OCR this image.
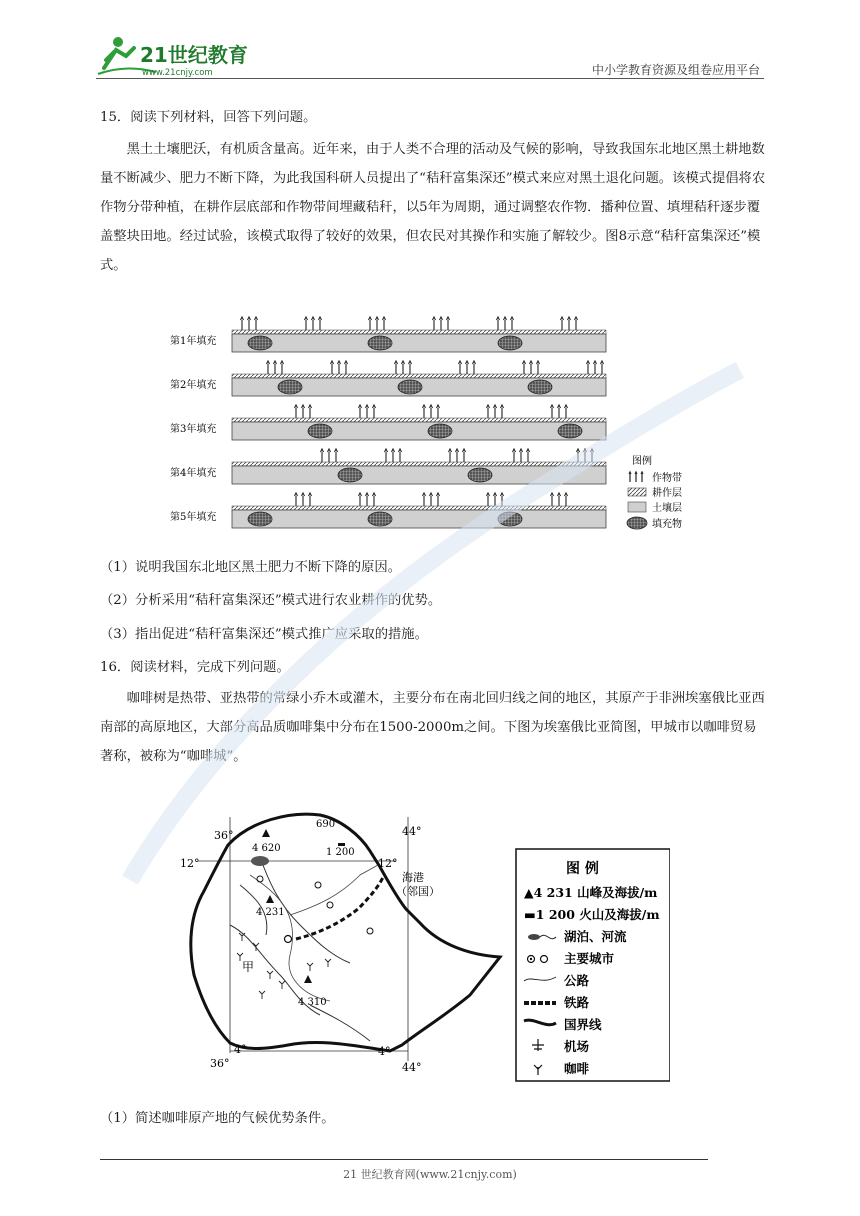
21世纪教育
www.21cnjy.com	中小学教育资源及组卷应用平台
15．阅读下列材料，回答下列问题。
黑土土壤肥沃，有机质含量高。近年来，由于人类不合理的活动及气候的影响，导致我国东北地区黑土耕地数量不断减少、肥力不断下降，为此我国科研人员提出了“秸秆富集深还”模式来应对黑土退化问题。该模式提倡将农作物分带种植，在耕作层底部和作物带间埋藏秸秆，以5年为周期，通过调整农作物．播种位置、填埋秸秆逐步覆盖整块田地。经过试验，该模式取得了较好的效果，但农民对其操作和实施了解较少。图8示意“秸秆富集深还”模式。
第1年填充
第2年填充
第3年填充
第4年填充
第5年填充
图例
作物带
耕作层
土壤层
填充物
（1）说明我国东北地区黑土肥力不断下降的原因。
（2）分析采用“秸秆富集深还”模式进行农业耕作的优势。
（3）指出促进“秸秆富集深还”模式推广应采取的措施。
16．阅读材料，完成下列问题。
咖啡树是热带、亚热带的常绿小乔木或灌木，主要分布在南北回归线之间的地区，其原产于非洲埃塞俄比亚西南部的高原地区，大部分高品质咖啡集中分布在1500-2000m之间。下图为埃塞俄比亚简图，甲城市以咖啡贸易著称，被称为“咖啡城”。
4 620
4 231
4 310
690
1 200
甲
海港
（邻国）
36°	44°
36°	44°
12°	12°
4°	4°
图 例
▲4 231 山峰及海拔/m
▬1 200 火山及海拔/m
湖泊、河流
主要城市
公路
铁路
国界线
机场
咖啡
（1）简述咖啡原产地的气候优势条件。
21 世纪教育网(www.21cnjy.com)
